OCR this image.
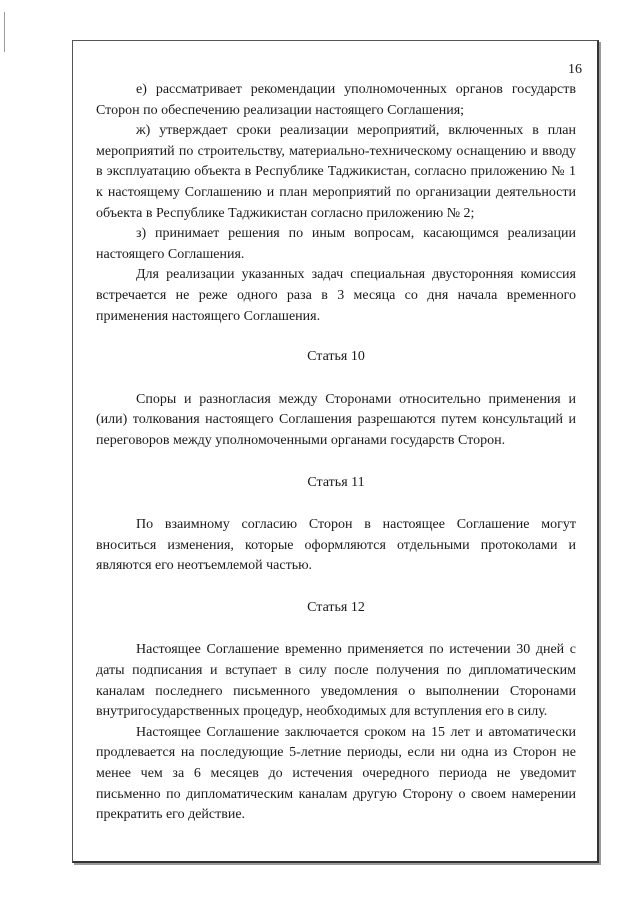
16

е) рассматривает рекомендации уполномоченных органов государств Сторон по обеспечению реализации настоящего Соглашения;

ж) утверждает сроки реализации мероприятий, включенных в план мероприятий по строительству, материально-техническому оснащению и вводу в эксплуатацию объекта в Республике Таджикистан, согласно приложению № 1 к настоящему Соглашению и план мероприятий по организации деятельности объекта в Республике Таджикистан согласно приложению № 2;

з) принимает решения по иным вопросам, касающимся реализации настоящего Соглашения.

Для реализации указанных задач специальная двусторонняя комиссия встречается не реже одного раза в 3 месяца со дня начала временного применения настоящего Соглашения.

Статья 10

Споры и разногласия между Сторонами относительно применения и (или) толкования настоящего Соглашения разрешаются путем консультаций и переговоров между уполномоченными органами государств Сторон.

Статья 11

По взаимному согласию Сторон в настоящее Соглашение могут вноситься изменения, которые оформляются отдельными протоколами и являются его неотъемлемой частью.

Статья 12

Настоящее Соглашение временно применяется по истечении 30 дней с даты подписания и вступает в силу после получения по дипломатическим каналам последнего письменного уведомления о выполнении Сторонами внутригосударственных процедур, необходимых для вступления его в силу.

Настоящее Соглашение заключается сроком на 15 лет и автоматически продлевается на последующие 5-летние периоды, если ни одна из Сторон не менее чем за 6 месяцев до истечения очередного периода не уведомит письменно по дипломатическим каналам другую Сторону о своем намерении прекратить его действие.
